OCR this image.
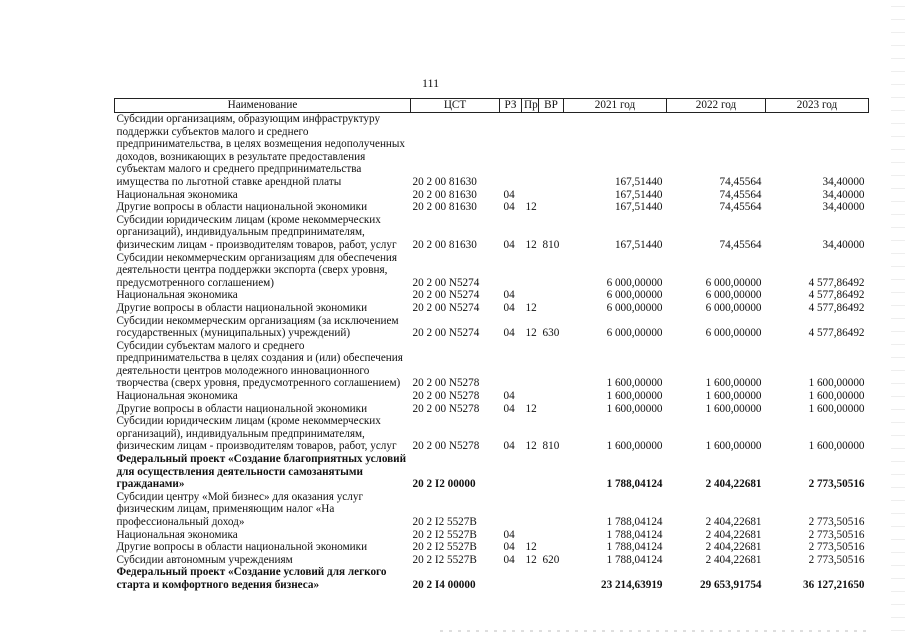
111
Наименование	ЦСТ	РЗ	Пр	ВР	2021 год	2022 год	2023 год
Субсидии организациям, образующим инфраструктуру поддержки субъектов малого и среднего предпринимательства, в целях возмещения недополученных доходов, возникающих в результате предоставления субъектам малого и среднего предпринимательства имущества по льготной ставке арендной платы	20 2 00 81630				167,51440	74,45564	34,40000
Национальная экономика	20 2 00 81630	04			167,51440	74,45564	34,40000
Другие вопросы в области национальной экономики	20 2 00 81630	04	12		167,51440	74,45564	34,40000
Субсидии юридическим лицам (кроме некоммерческих организаций), индивидуальным предпринимателям, физическим лицам - производителям товаров, работ, услуг	20 2 00 81630	04	12	810	167,51440	74,45564	34,40000
Субсидии некоммерческим организациям для обеспечения деятельности центра поддержки экспорта (сверх уровня, предусмотренного соглашением)	20 2 00 N5274				6 000,00000	6 000,00000	4 577,86492
Национальная экономика	20 2 00 N5274	04			6 000,00000	6 000,00000	4 577,86492
Другие вопросы в области национальной экономики	20 2 00 N5274	04	12		6 000,00000	6 000,00000	4 577,86492
Субсидии некоммерческим организациям (за исключением государственных (муниципальных) учреждений)	20 2 00 N5274	04	12	630	6 000,00000	6 000,00000	4 577,86492
Субсидии субъектам малого и среднего предпринимательства в целях создания и (или) обеспечения деятельности центров молодежного инновационного творчества (сверх уровня, предусмотренного соглашением)	20 2 00 N5278				1 600,00000	1 600,00000	1 600,00000
Национальная экономика	20 2 00 N5278	04			1 600,00000	1 600,00000	1 600,00000
Другие вопросы в области национальной экономики	20 2 00 N5278	04	12		1 600,00000	1 600,00000	1 600,00000
Субсидии юридическим лицам (кроме некоммерческих организаций), индивидуальным предпринимателям, физическим лицам - производителям товаров, работ, услуг	20 2 00 N5278	04	12	810	1 600,00000	1 600,00000	1 600,00000
Федеральный проект «Создание благоприятных условий для осуществления деятельности самозанятыми гражданами»	20 2 I2 00000				1 788,04124	2 404,22681	2 773,50516
Субсидии центру «Мой бизнес» для оказания услуг физическим лицам, применяющим налог «На профессиональный доход»	20 2 I2 5527B				1 788,04124	2 404,22681	2 773,50516
Национальная экономика	20 2 I2 5527B	04			1 788,04124	2 404,22681	2 773,50516
Другие вопросы в области национальной экономики	20 2 I2 5527B	04	12		1 788,04124	2 404,22681	2 773,50516
Субсидии автономным учреждениям	20 2 I2 5527B	04	12	620	1 788,04124	2 404,22681	2 773,50516
Федеральный проект «Создание условий для легкого старта и комфортного ведения бизнеса»	20 2 I4 00000				23 214,63919	29 653,91754	36 127,21650
